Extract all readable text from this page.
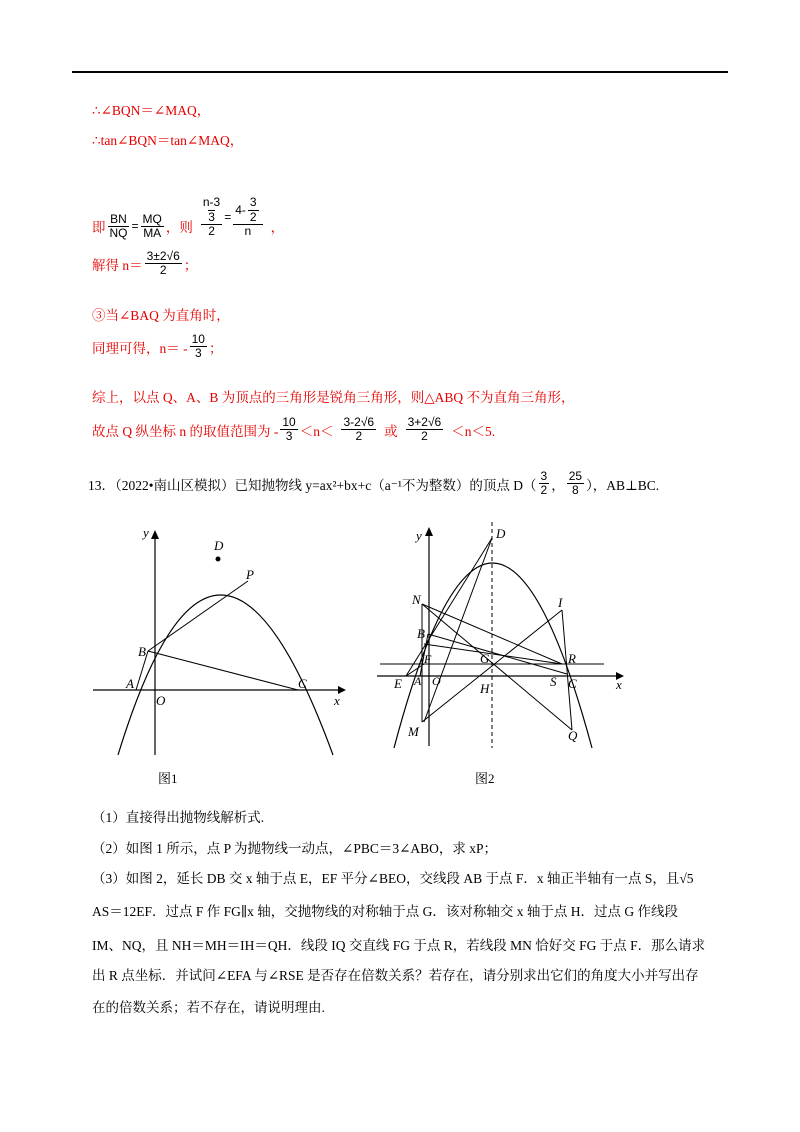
∴∠BQN＝∠MAQ，
∴tan∠BQN＝tan∠MAQ，
即 $\frac{BN}{NQ} = \frac{MQ}{MA}$ ，则 n-3
3
$2 = \frac{4- \frac{3}{2}}{n}$ ，
解得 $n= \frac{3\pm 2√6}{2}$ ；
③当∠BAQ 为直角时，
同理可得，$n= - \frac{10}{3}$ ；
综上，以点 Q、A、B 为顶点的三角形是锐角三角形，则△ABQ 不为直角三角形，
故点 Q 纵坐标 n 的取值范围为 - $\frac{10}{3} <n< \frac{3-2√6}{2}$ 或 $\frac{3+2√6}{2} <n<5$.
13．（2022•南山区模拟）已知抛物线 y=ax²+bx+c（a⁻¹不为整数）的顶点 $D( \frac{3}{2}$ ， $\frac{25}{8}$ ），AB⊥BC.
D
P
B
A
O
C
x
y
图1
D
N	I
B
F	G	R
E A O	H	S C
M	Q
x
y
图2
（1）直接得出抛物线解析式.
（2）如图 1 所示，点 P 为抛物线一动点，∠PBC＝3∠ABO，求 xP；
（3）如图 2，延长 DB 交 x 轴于点 E，EF 平分∠BEO，交线段 AB 于点 F．x 轴正半轴有一点 S，且√5
AS＝12EF．过点 F 作 FG∥x 轴，交抛物线的对称轴于点 G．该对称轴交 x 轴于点 H．过点 G 作线段
IM、NQ，且 NH＝MH＝IH＝QH．线段 IQ 交直线 FG 于点 R，若线段 MN 恰好交 FG 于点 F．那么请求
出 R 点坐标．并试问∠EFA 与∠RSE 是否存在倍数关系？若存在，请分别求出它们的角度大小并写出存
在的倍数关系；若不存在，请说明理由.
